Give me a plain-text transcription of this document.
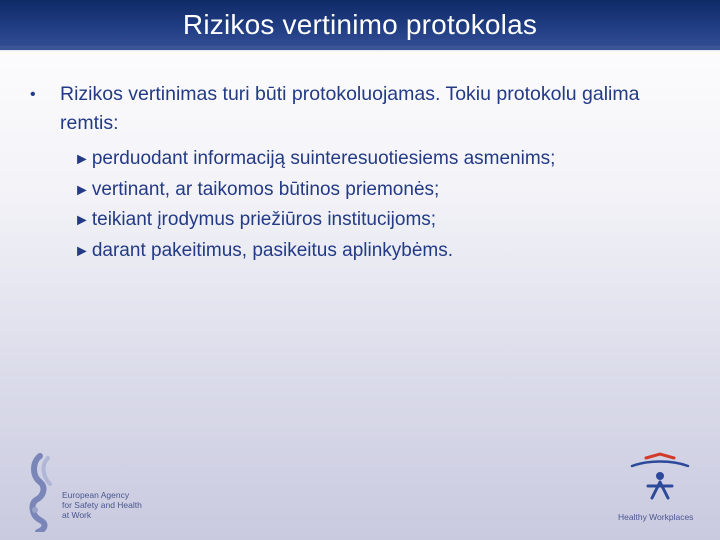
Rizikos vertinimo protokolas
•	Rizikos vertinimas turi būti protokoluojamas. Tokiu protokolu galima remtis:
► perduodant informaciją suinteresuotiesiems asmenims;
► vertinant, ar taikomos būtinos priemonės;
► teikiant įrodymus priežiūros institucijoms;
► darant pakeitimus, pasikeitus aplinkybėms.
European Agency
for Safety and Health
at Work	Healthy Workplaces
